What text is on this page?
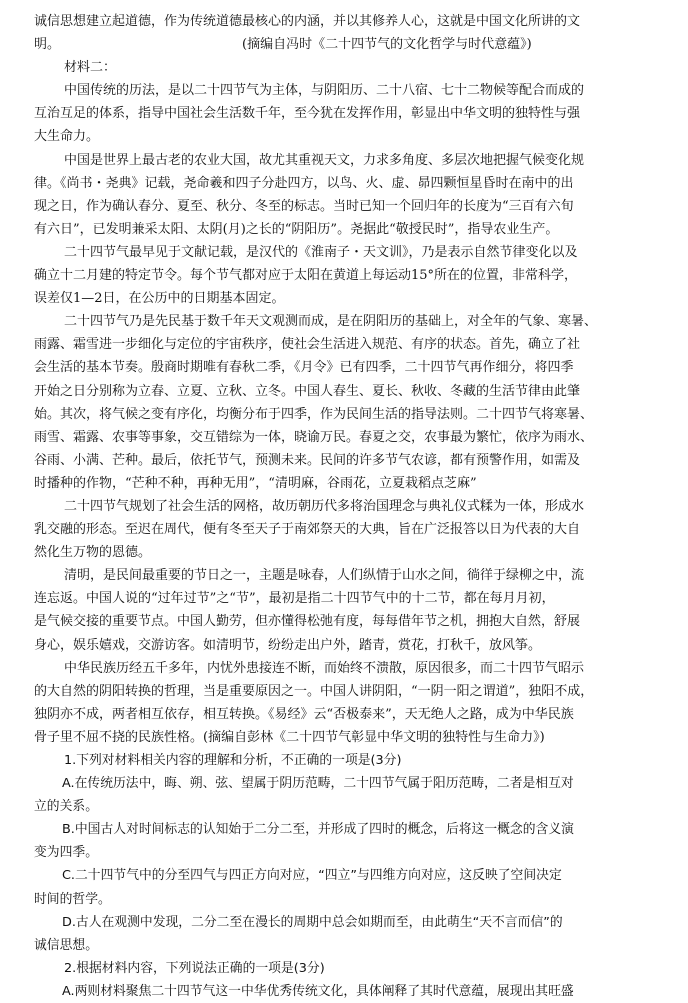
诚信思想建立起道德，作为传统道德最核心的内涵，并以其修养人心，这就是中国文化所讲的文
明。	(摘编自冯时《二十四节气的文化哲学与时代意蕴》)
材料二：
中国传统的历法，是以二十四节气为主体，与阴阳历、二十八宿、七十二物候等配合而成的
互治互足的体系，指导中国社会生活数千年，至今犹在发挥作用，彰显出中华文明的独特性与强
大生命力。
中国是世界上最古老的农业大国，故尤其重视天文，力求多角度、多层次地把握气候变化规
律。《尚书・尧典》记载，尧命羲和四子分赴四方，以鸟、火、虚、昴四颗恒星昏时在南中的出
现之日，作为确认春分、夏至、秋分、冬至的标志。当时已知一个回归年的长度为“三百有六旬
有六日”，已发明兼采太阳、太阴(月)之长的“阴阳历”。尧据此“敬授民时”，指导农业生产。
二十四节气最早见于文献记载，是汉代的《淮南子・天文训》，乃是表示自然节律变化以及
确立十二月建的特定节令。每个节气都对应于太阳在黄道上每运动15°所在的位置，非常科学，
误差仅1—2日，在公历中的日期基本固定。
二十四节气乃是先民基于数千年天文观测而成，是在阴阳历的基础上，对全年的气象、寒暑、
雨露、霜雪进一步细化与定位的宇宙秩序，使社会生活进入规范、有序的状态。首先，确立了社
会生活的基本节奏。殷商时期唯有春秋二季，《月令》已有四季，二十四节气再作细分，将四季
开始之日分别称为立春、立夏、立秋、立冬。中国人春生、夏长、秋收、冬藏的生活节律由此肇
始。其次，将气候之变有序化，均衡分布于四季，作为民间生活的指导法则。二十四节气将寒暑、
雨雪、霜露、农事等事象，交互错综为一体，晓谕万民。春夏之交，农事最为繁忙，依序为雨水、
谷雨、小满、芒种。最后，依托节气，预测未来。民间的许多节气农谚，都有预警作用，如需及
时播种的作物，“芒种不种，再种无用”，“清明麻，谷雨花，立夏栽稻点芝麻”
二十四节气规划了社会生活的网格，故历朝历代多将治国理念与典礼仪式糅为一体，形成水
乳交融的形态。至迟在周代，便有冬至天子于南郊祭天的大典，旨在广泛报答以日为代表的大自
然化生万物的恩德。
清明，是民间最重要的节日之一，主题是咏春，人们纵情于山水之间，徜徉于绿柳之中，流
连忘返。中国人说的“过年过节”之“节”，最初是指二十四节气中的十二节，都在每月月初，
是气候交接的重要节点。中国人勤劳，但亦懂得松弛有度，每每借年节之机，拥抱大自然，舒展
身心，娱乐嬉戏，交游访客。如清明节，纷纷走出户外，踏青，赏花，打秋千，放风筝。
中华民族历经五千多年，内忧外患接连不断，而始终不溃散，原因很多，而二十四节气昭示
的大自然的阴阳转换的哲理，当是重要原因之一。中国人讲阴阳，“一阴一阳之谓道”，独阳不成，
独阴亦不成，两者相互依存，相互转换。《易经》云“否极泰来”，天无绝人之路，成为中华民族
骨子里不屈不挠的民族性格。(摘编自彭林《二十四节气彰显中华文明的独特性与生命力》)
1.下列对材料相关内容的理解和分析，不正确的一项是(3分)
A.在传统历法中，晦、朔、弦、望属于阴历范畴，二十四节气属于阳历范畴，二者是相互对
立的关系。
B.中国古人对时间标志的认知始于二分二至，并形成了四时的概念，后将这一概念的含义演
变为四季。
C.二十四节气中的分至四气与四正方向对应，“四立”与四维方向对应，这反映了空间决定
时间的哲学。
D.古人在观测中发现，二分二至在漫长的周期中总会如期而至，由此萌生“天不言而信”的
诚信思想。
2.根据材料内容，下列说法正确的一项是(3分)
A.两则材料聚焦二十四节气这一中华优秀传统文化，具体阐释了其时代意蕴，展现出其旺盛
